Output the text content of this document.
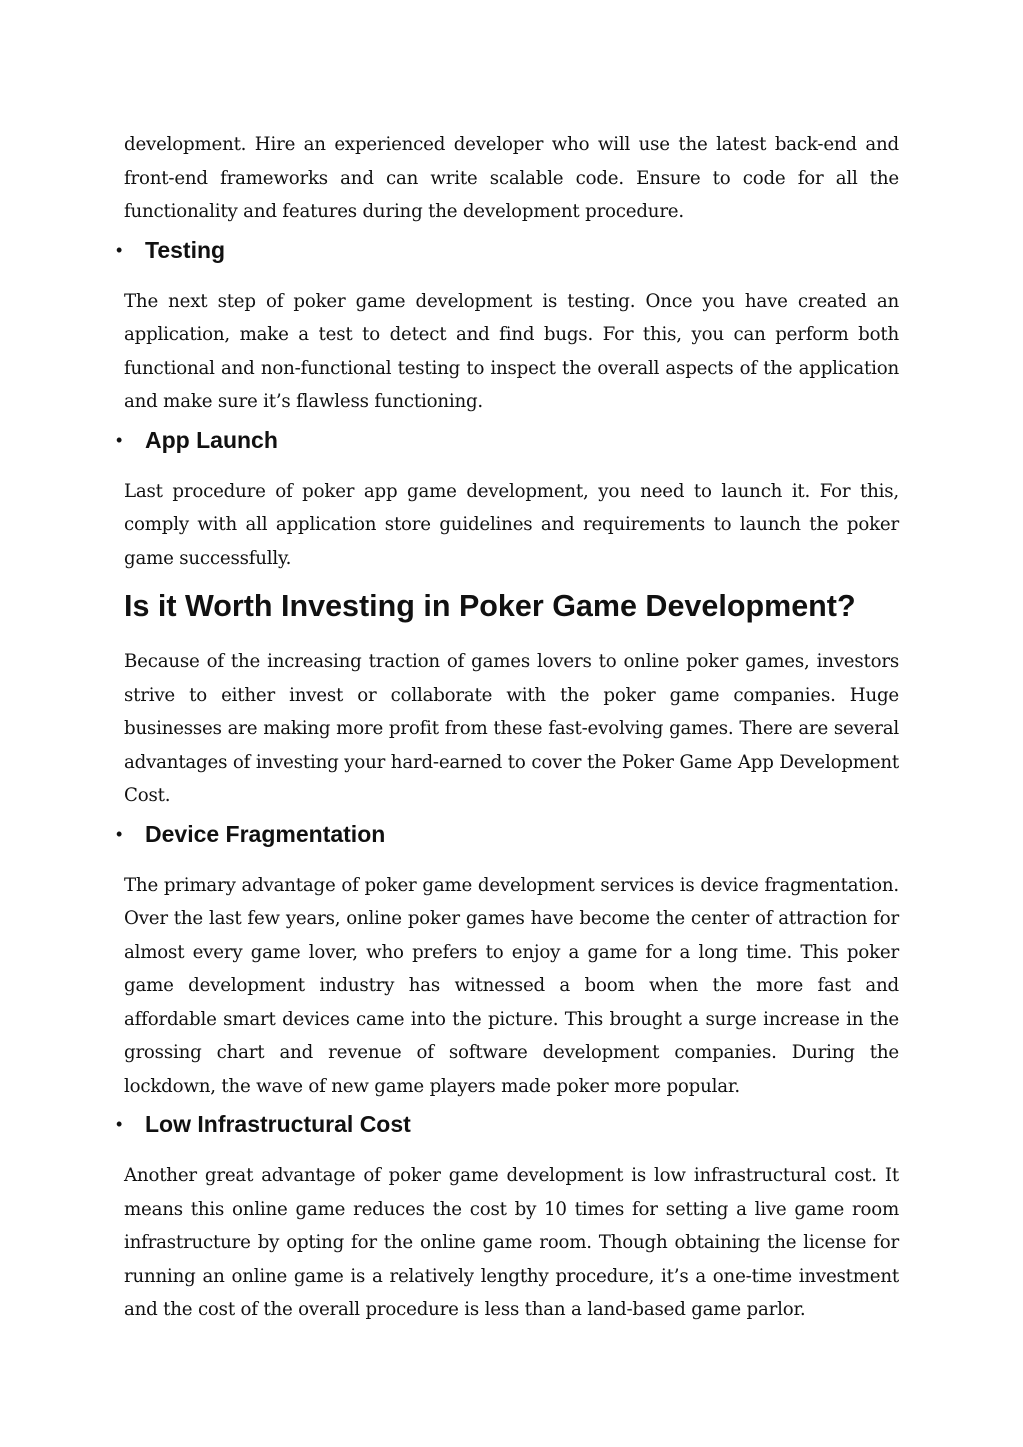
development. Hire an experienced developer who will use the latest back-end and front-end frameworks and can write scalable code. Ensure to code for all the functionality and features during the development procedure.

• Testing

The next step of poker game development is testing. Once you have created an application, make a test to detect and find bugs. For this, you can perform both functional and non-functional testing to inspect the overall aspects of the application and make sure it’s flawless functioning.

• App Launch

Last procedure of poker app game development, you need to launch it. For this, comply with all application store guidelines and requirements to launch the poker game successfully.

Is it Worth Investing in Poker Game Development?

Because of the increasing traction of games lovers to online poker games, investors strive to either invest or collaborate with the poker game companies. Huge businesses are making more profit from these fast-evolving games. There are several advantages of investing your hard-earned to cover the Poker Game App Development Cost.

• Device Fragmentation

The primary advantage of poker game development services is device fragmentation. Over the last few years, online poker games have become the center of attraction for almost every game lover, who prefers to enjoy a game for a long time. This poker game development industry has witnessed a boom when the more fast and affordable smart devices came into the picture. This brought a surge increase in the grossing chart and revenue of software development companies. During the lockdown, the wave of new game players made poker more popular.

• Low Infrastructural Cost

Another great advantage of poker game development is low infrastructural cost. It means this online game reduces the cost by 10 times for setting a live game room infrastructure by opting for the online game room. Though obtaining the license for running an online game is a relatively lengthy procedure, it’s a one-time investment and the cost of the overall procedure is less than a land-based game parlor.
